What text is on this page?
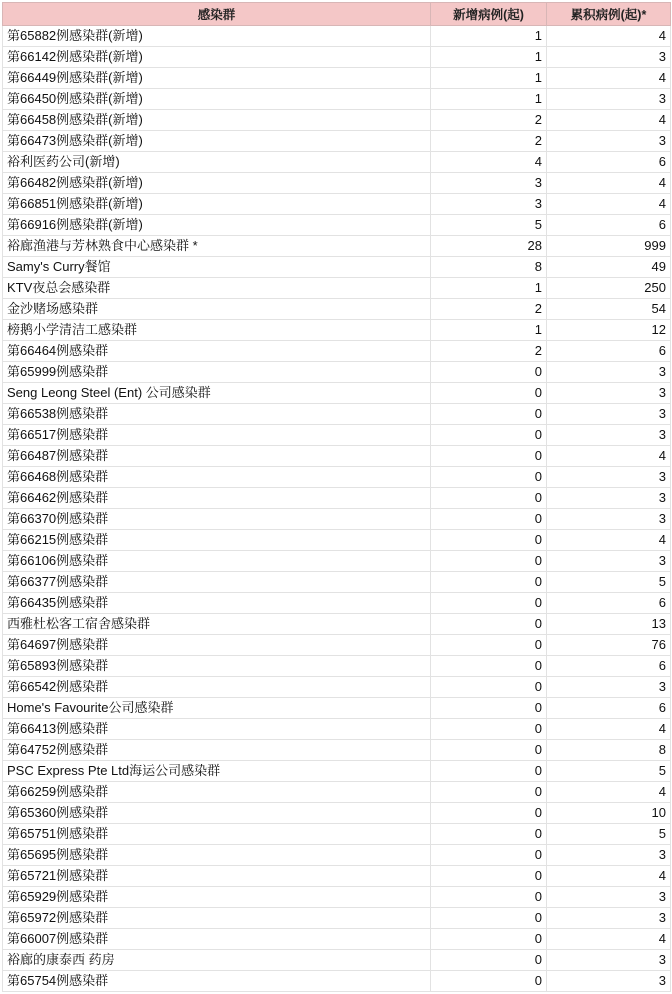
感染群	新增病例(起)	累积病例(起)*
第65882例感染群(新增)	1	4
第66142例感染群(新增)	1	3
第66449例感染群(新增)	1	4
第66450例感染群(新增)	1	3
第66458例感染群(新增)	2	4
第66473例感染群(新增)	2	3
裕利医药公司(新增)	4	6
第66482例感染群(新增)	3	4
第66851例感染群(新增)	3	4
第66916例感染群(新增)	5	6
裕廊渔港与芳林熟食中心感染群 *	28	999
Samy's Curry餐馆	8	49
KTV夜总会感染群	1	250
金沙赌场感染群	2	54
榜鹅小学清洁工感染群	1	12
第66464例感染群	2	6
第65999例感染群	0	3
Seng Leong Steel (Ent) 公司感染群	0	3
第66538例感染群	0	3
第66517例感染群	0	3
第66487例感染群	0	4
第66468例感染群	0	3
第66462例感染群	0	3
第66370例感染群	0	3
第66215例感染群	0	4
第66106例感染群	0	3
第66377例感染群	0	5
第66435例感染群	0	6
西雅杜松客工宿舍感染群	0	13
第64697例感染群	0	76
第65893例感染群	0	6
第66542例感染群	0	3
Home's Favourite公司感染群	0	6
第66413例感染群	0	4
第64752例感染群	0	8
PSC Express Pte Ltd海运公司感染群	0	5
第66259例感染群	0	4
第65360例感染群	0	10
第65751例感染群	0	5
第65695例感染群	0	3
第65721例感染群	0	4
第65929例感染群	0	3
第65972例感染群	0	3
第66007例感染群	0	4
裕廊的康泰西 药房	0	3
第65754例感染群	0	3
